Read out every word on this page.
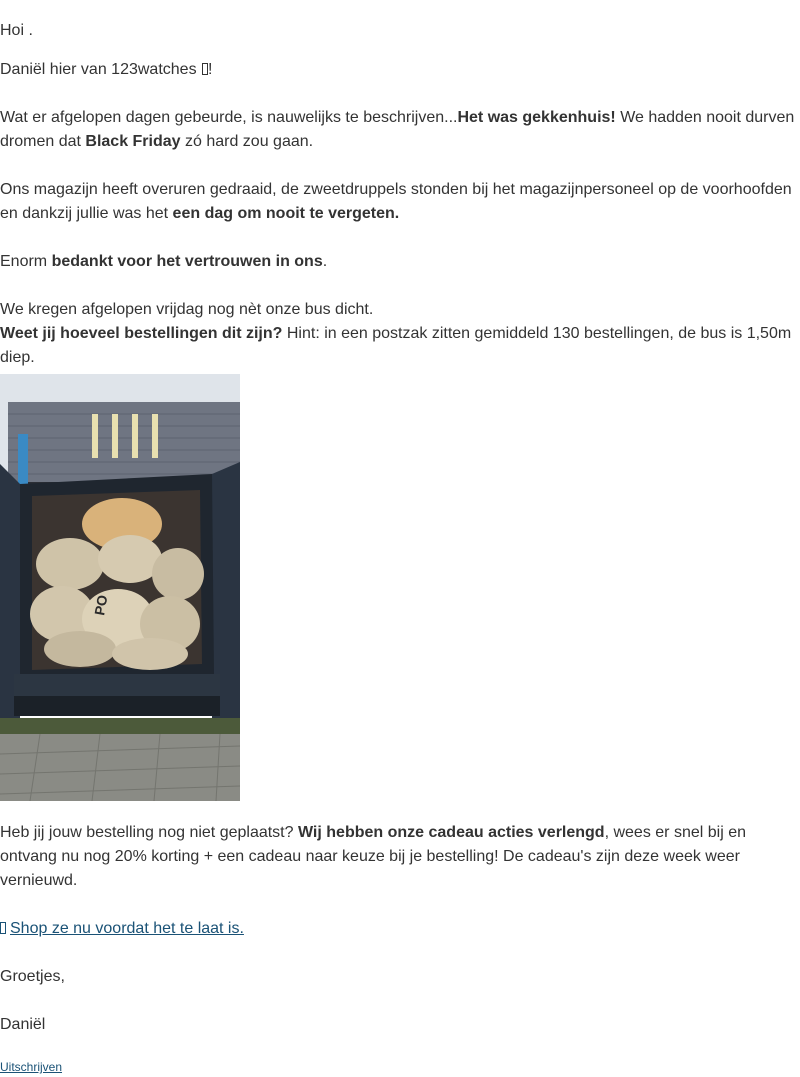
Hoi .

Daniël hier van 123watches !

Wat er afgelopen dagen gebeurde, is nauwelijks te beschrijven...Het was gekkenhuis! We hadden nooit durven dromen dat Black Friday zó hard zou gaan.

Ons magazijn heeft overuren gedraaid, de zweetdruppels stonden bij het magazijnpersoneel op de voorhoofden en dankzij jullie was het een dag om nooit te vergeten.

Enorm bedankt voor het vertrouwen in ons.

We kregen afgelopen vrijdag nog nèt onze bus dicht.

Weet jij hoeveel bestellingen dit zijn? Hint: in een postzak zitten gemiddeld 130 bestellingen, de bus is 1,50m diep.

PO

Heb jij jouw bestelling nog niet geplaatst? Wij hebben onze cadeau acties verlengd, wees er snel bij en ontvang nu nog 20% korting + een cadeau naar keuze bij je bestelling! De cadeau's zijn deze week weer vernieuwd.

Shop ze nu voordat het te laat is.

Groetjes,

Daniël

Uitschrijven
